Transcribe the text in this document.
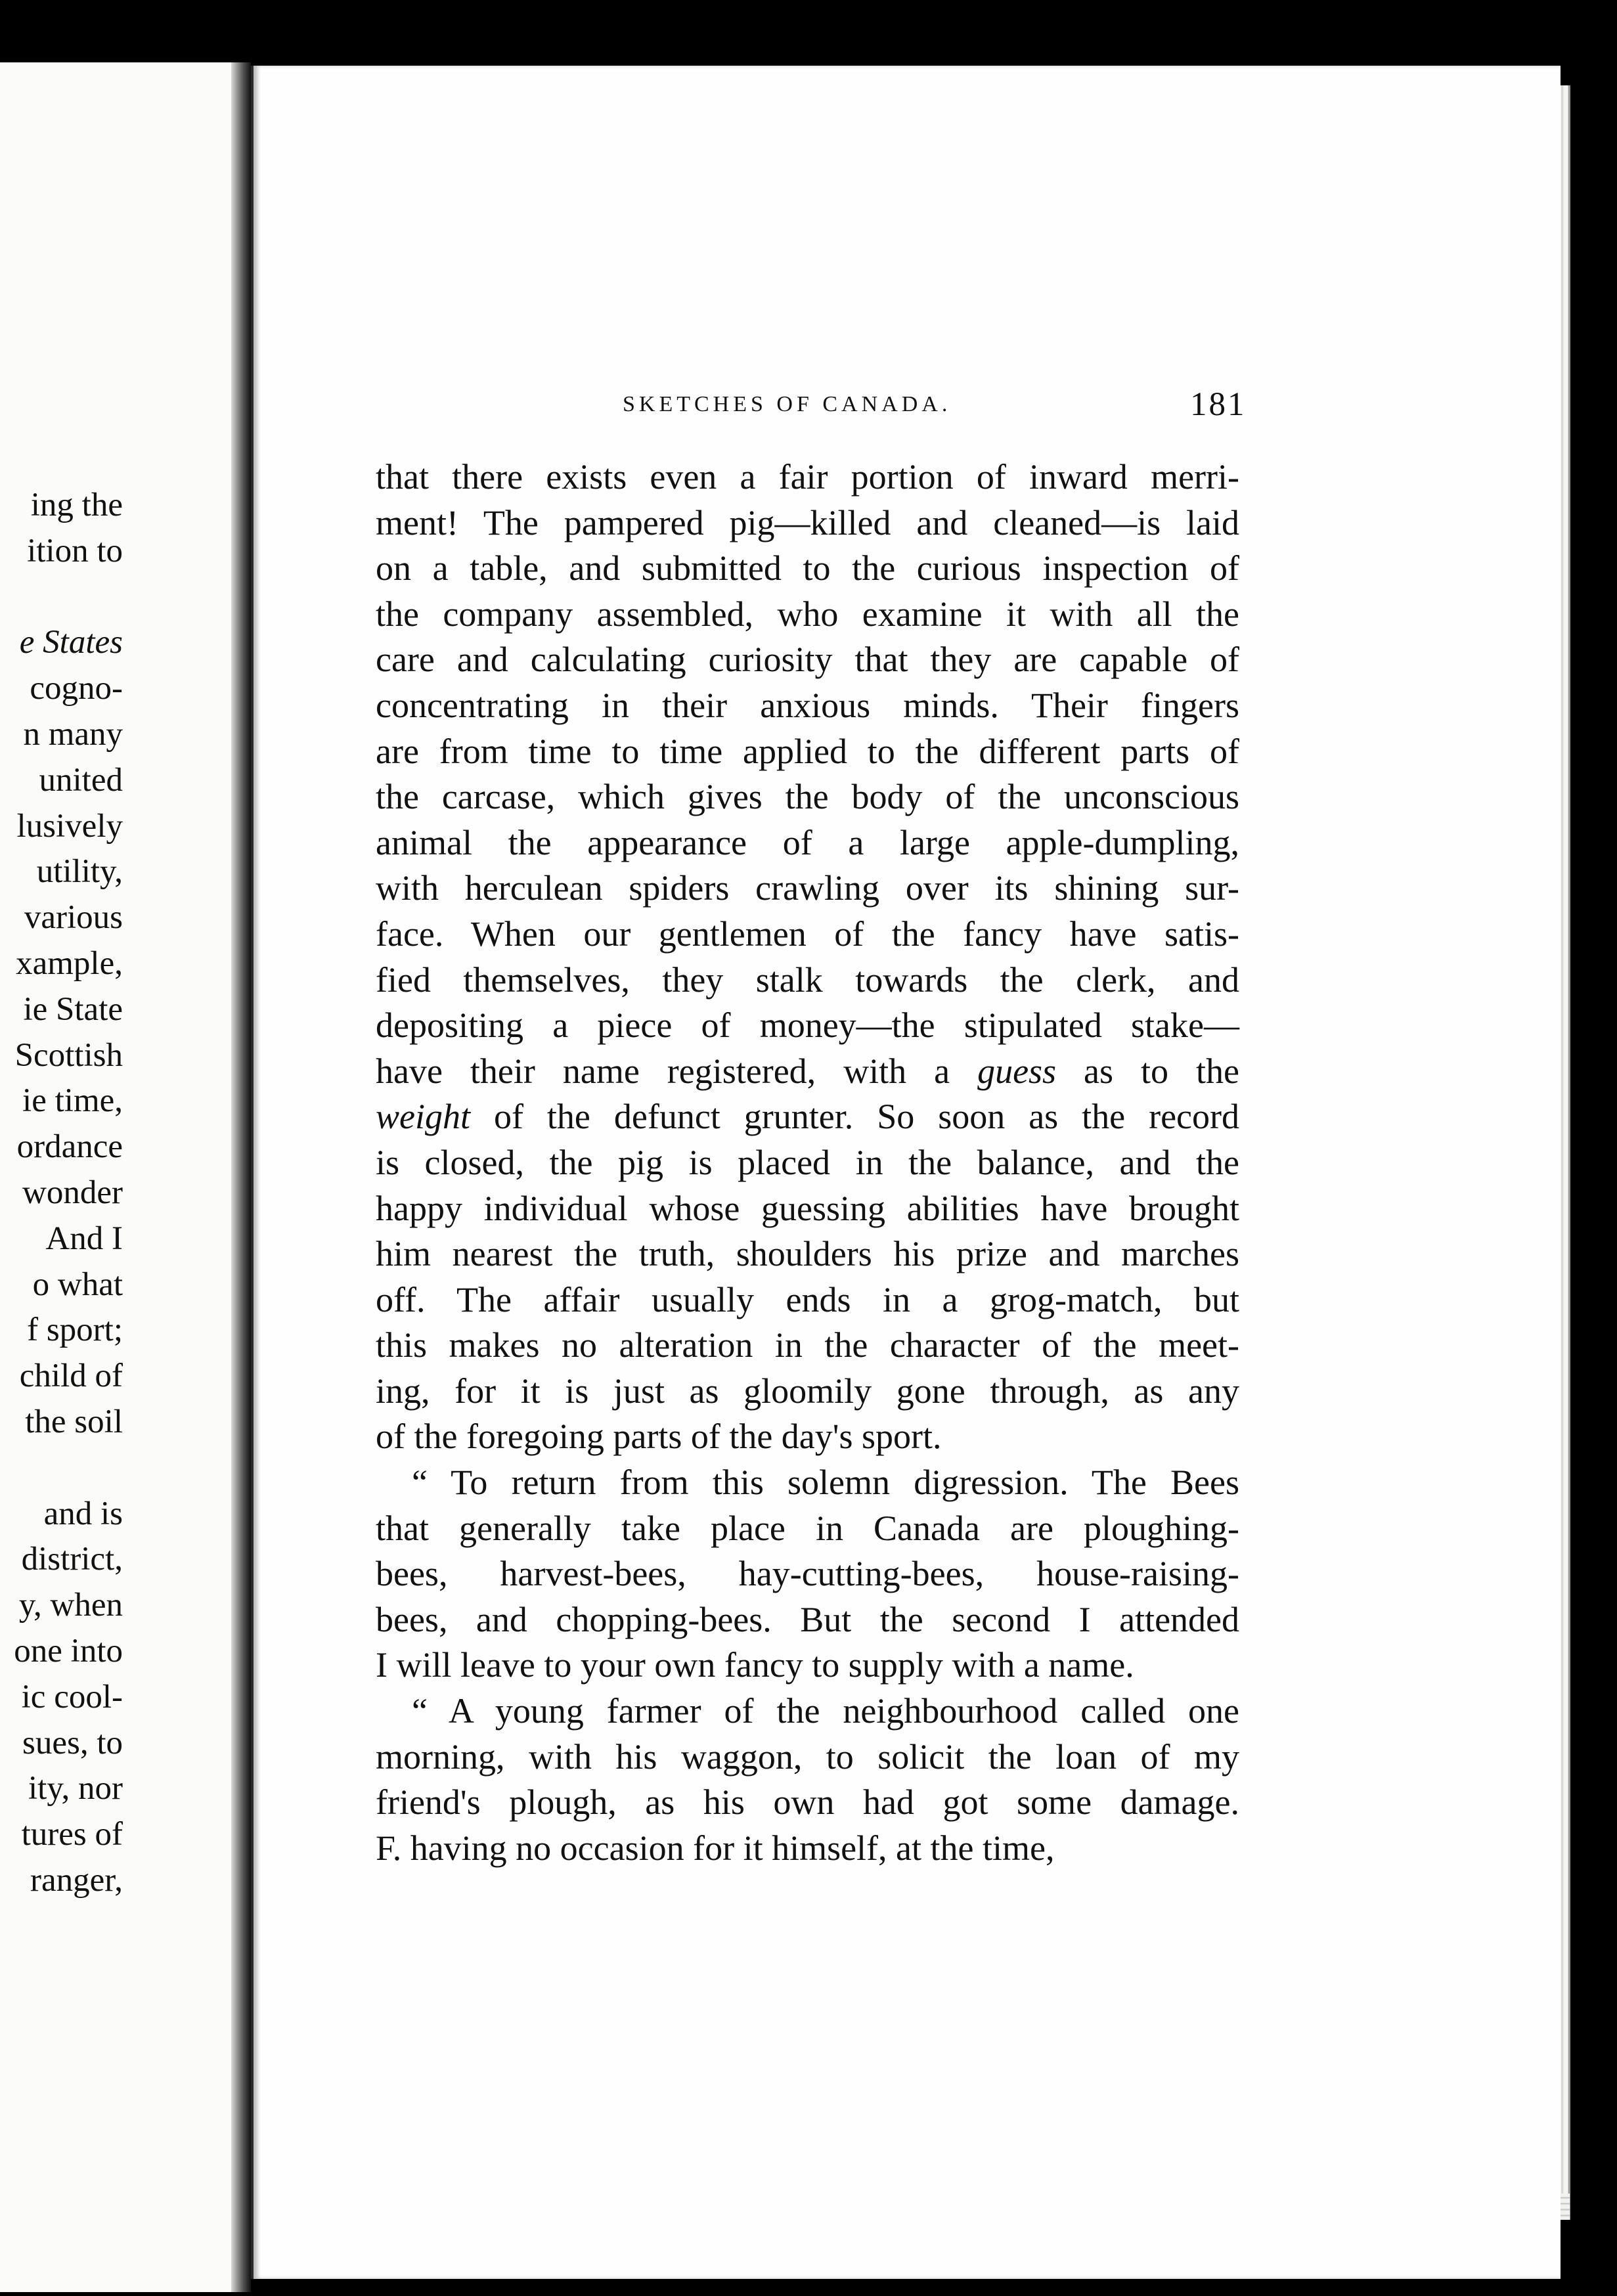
ing the
ition to
e States
cogno-
n many
united
lusively
utility,
various
xample,
ie State
Scottish
ie time,
ordance
wonder
And I
o what
f sport;
child of
the soil
and is
district,
y, when
one into
ic cool-
sues, to
ity, nor
tures of
ranger,
SKETCHES OF CANADA.	181
that there exists even a fair portion of inward merri-
ment! The pampered pig—killed and cleaned—is laid
on a table, and submitted to the curious inspection of
the company assembled, who examine it with all the
care and calculating curiosity that they are capable of
concentrating in their anxious minds. Their fingers
are from time to time applied to the different parts of
the carcase, which gives the body of the unconscious
animal the appearance of a large apple-dumpling,
with herculean spiders crawling over its shining sur-
face. When our gentlemen of the fancy have satis-
fied themselves, they stalk towards the clerk, and
depositing a piece of money—the stipulated stake—
have their name registered, with a guess as to the
weight of the defunct grunter. So soon as the record
is closed, the pig is placed in the balance, and the
happy individual whose guessing abilities have brought
him nearest the truth, shoulders his prize and marches
off. The affair usually ends in a grog-match, but
this makes no alteration in the character of the meet-
ing, for it is just as gloomily gone through, as any
of the foregoing parts of the day's sport.
“ To return from this solemn digression. The Bees
that generally take place in Canada are ploughing-
bees, harvest-bees, hay-cutting-bees, house-raising-
bees, and chopping-bees. But the second I attended
I will leave to your own fancy to supply with a name.
“ A young farmer of the neighbourhood called one
morning, with his waggon, to solicit the loan of my
friend's plough, as his own had got some damage.
F. having no occasion for it himself, at the time,
